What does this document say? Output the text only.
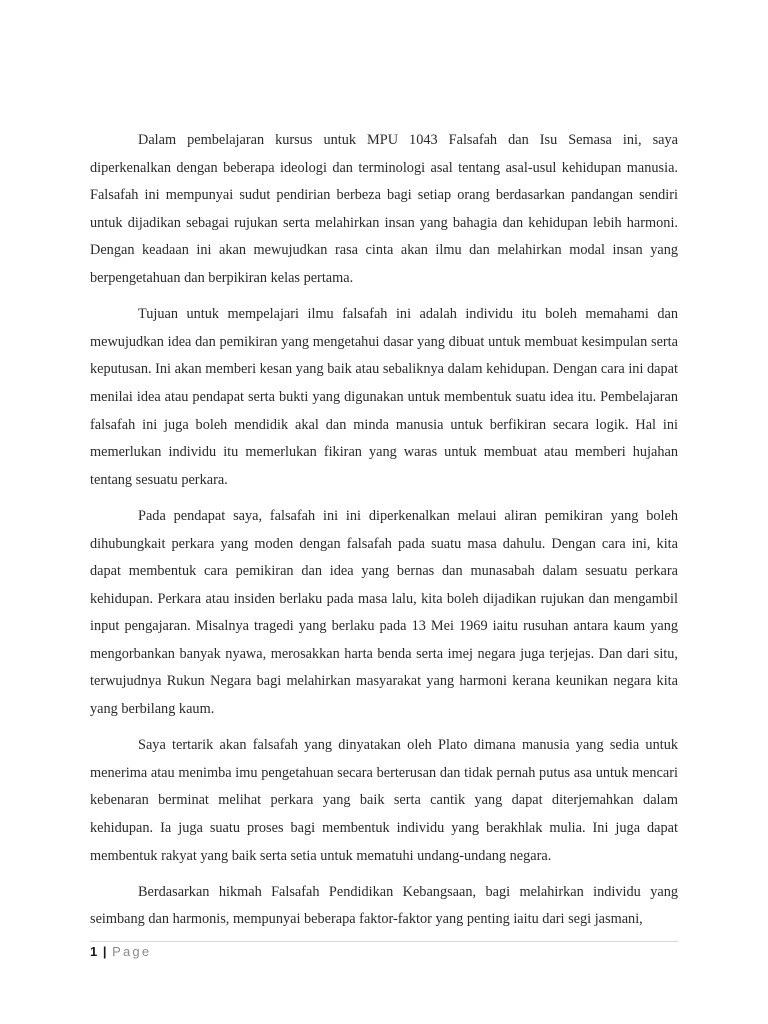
Dalam pembelajaran kursus untuk MPU 1043 Falsafah dan Isu Semasa ini, saya diperkenalkan dengan beberapa ideologi dan terminologi asal tentang asal-usul kehidupan manusia. Falsafah ini mempunyai sudut pendirian berbeza bagi setiap orang berdasarkan pandangan sendiri untuk dijadikan sebagai rujukan serta melahirkan insan yang bahagia dan kehidupan lebih harmoni. Dengan keadaan ini akan mewujudkan rasa cinta akan ilmu dan melahirkan modal insan yang berpengetahuan dan berpikiran kelas pertama.

Tujuan untuk mempelajari ilmu falsafah ini adalah individu itu boleh memahami dan mewujudkan idea dan pemikiran yang mengetahui dasar yang dibuat untuk membuat kesimpulan serta keputusan. Ini akan memberi kesan yang baik atau sebaliknya dalam kehidupan. Dengan cara ini dapat menilai idea atau pendapat serta bukti yang digunakan untuk membentuk suatu idea itu. Pembelajaran falsafah ini juga boleh mendidik akal dan minda manusia untuk berfikiran secara logik. Hal ini memerlukan individu itu memerlukan fikiran yang waras untuk membuat atau memberi hujahan tentang sesuatu perkara.

Pada pendapat saya, falsafah ini ini diperkenalkan melaui aliran pemikiran yang boleh dihubungkait perkara yang moden dengan falsafah pada suatu masa dahulu. Dengan cara ini, kita dapat membentuk cara pemikiran dan idea yang bernas dan munasabah dalam sesuatu perkara kehidupan. Perkara atau insiden berlaku pada masa lalu, kita boleh dijadikan rujukan dan mengambil input pengajaran. Misalnya tragedi yang berlaku pada 13 Mei 1969 iaitu rusuhan antara kaum yang mengorbankan banyak nyawa, merosakkan harta benda serta imej negara juga terjejas. Dan dari situ, terwujudnya Rukun Negara bagi melahirkan masyarakat yang harmoni kerana keunikan negara kita yang berbilang kaum.

Saya tertarik akan falsafah yang dinyatakan oleh Plato dimana manusia yang sedia untuk menerima atau menimba imu pengetahuan secara berterusan dan tidak pernah putus asa untuk mencari kebenaran berminat melihat perkara yang baik serta cantik yang dapat diterjemahkan dalam kehidupan. Ia juga suatu proses bagi membentuk individu yang berakhlak mulia. Ini juga dapat membentuk rakyat yang baik serta setia untuk mematuhi undang-undang negara.

Berdasarkan hikmah Falsafah Pendidikan Kebangsaan, bagi melahirkan individu yang seimbang dan harmonis, mempunyai beberapa faktor-faktor yang penting iaitu dari segi jasmani,

1 | Page
